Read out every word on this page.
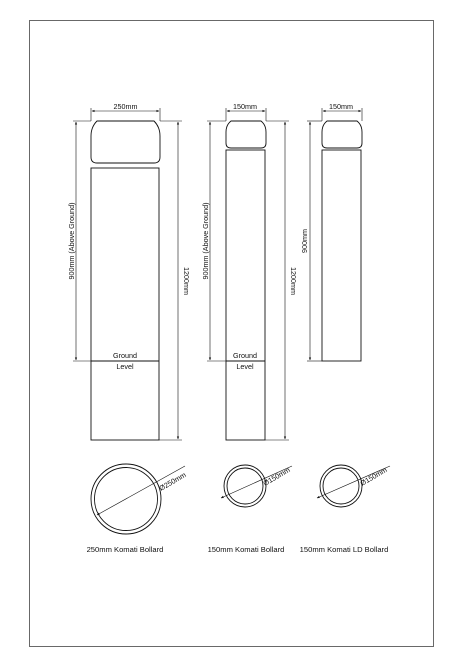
250mm
900mm (Above Ground)
1200mm
Ground
Level
150mm
900mm (Above Ground)
1200mm
Ground
Level
150mm
900mm
Ø250mm	Ø150mm	Ø150mm
250mm Komati Bollard	150mm Komati Bollard 150mm Komati LD Bollard
